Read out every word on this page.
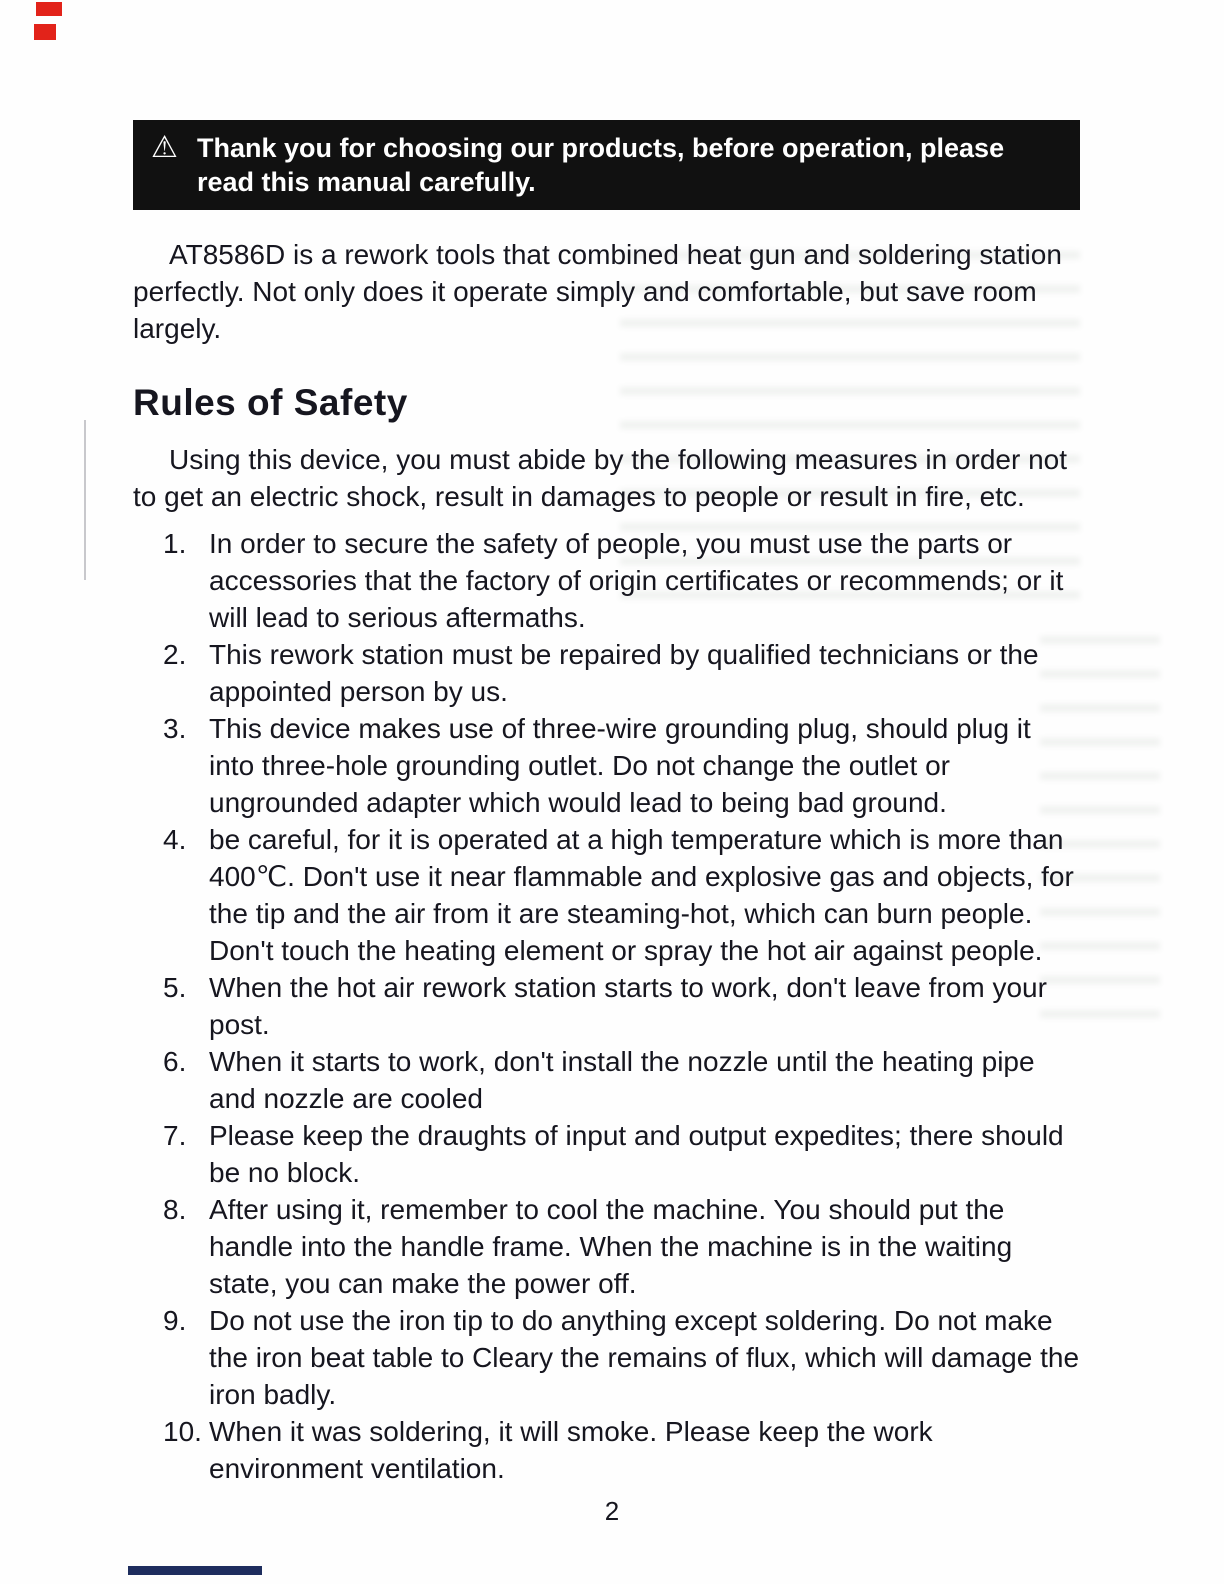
⚠ Thank you for choosing our products, before operation, please read this manual carefully.

AT8586D is a rework tools that combined heat gun and soldering station perfectly. Not only does it operate simply and comfortable, but save room largely.

Rules of Safety

Using this device, you must abide by the following measures in order not to get an electric shock, result in damages to people or result in fire, etc.

1. In order to secure the safety of people, you must use the parts or accessories that the factory of origin certificates or recommends; or it will lead to serious aftermaths.
2. This rework station must be repaired by qualified technicians or the appointed person by us.
3. This device makes use of three-wire grounding plug, should plug it into three-hole grounding outlet. Do not change the outlet or ungrounded adapter which would lead to being bad ground.
4. be careful, for it is operated at a high temperature which is more than 400℃. Don't use it near flammable and explosive gas and objects, for the tip and the air from it are steaming-hot, which can burn people. Don't touch the heating element or spray the hot air against people.
5. When the hot air rework station starts to work, don't leave from your post.
6. When it starts to work, don't install the nozzle until the heating pipe and nozzle are cooled
7. Please keep the draughts of input and output expedites; there should be no block.
8. After using it, remember to cool the machine. You should put the handle into the handle frame. When the machine is in the waiting state, you can make the power off.
9. Do not use the iron tip to do anything except soldering. Do not make the iron beat table to Cleary the remains of flux, which will damage the iron badly.
10. When it was soldering, it will smoke. Please keep the work environment ventilation.
2
